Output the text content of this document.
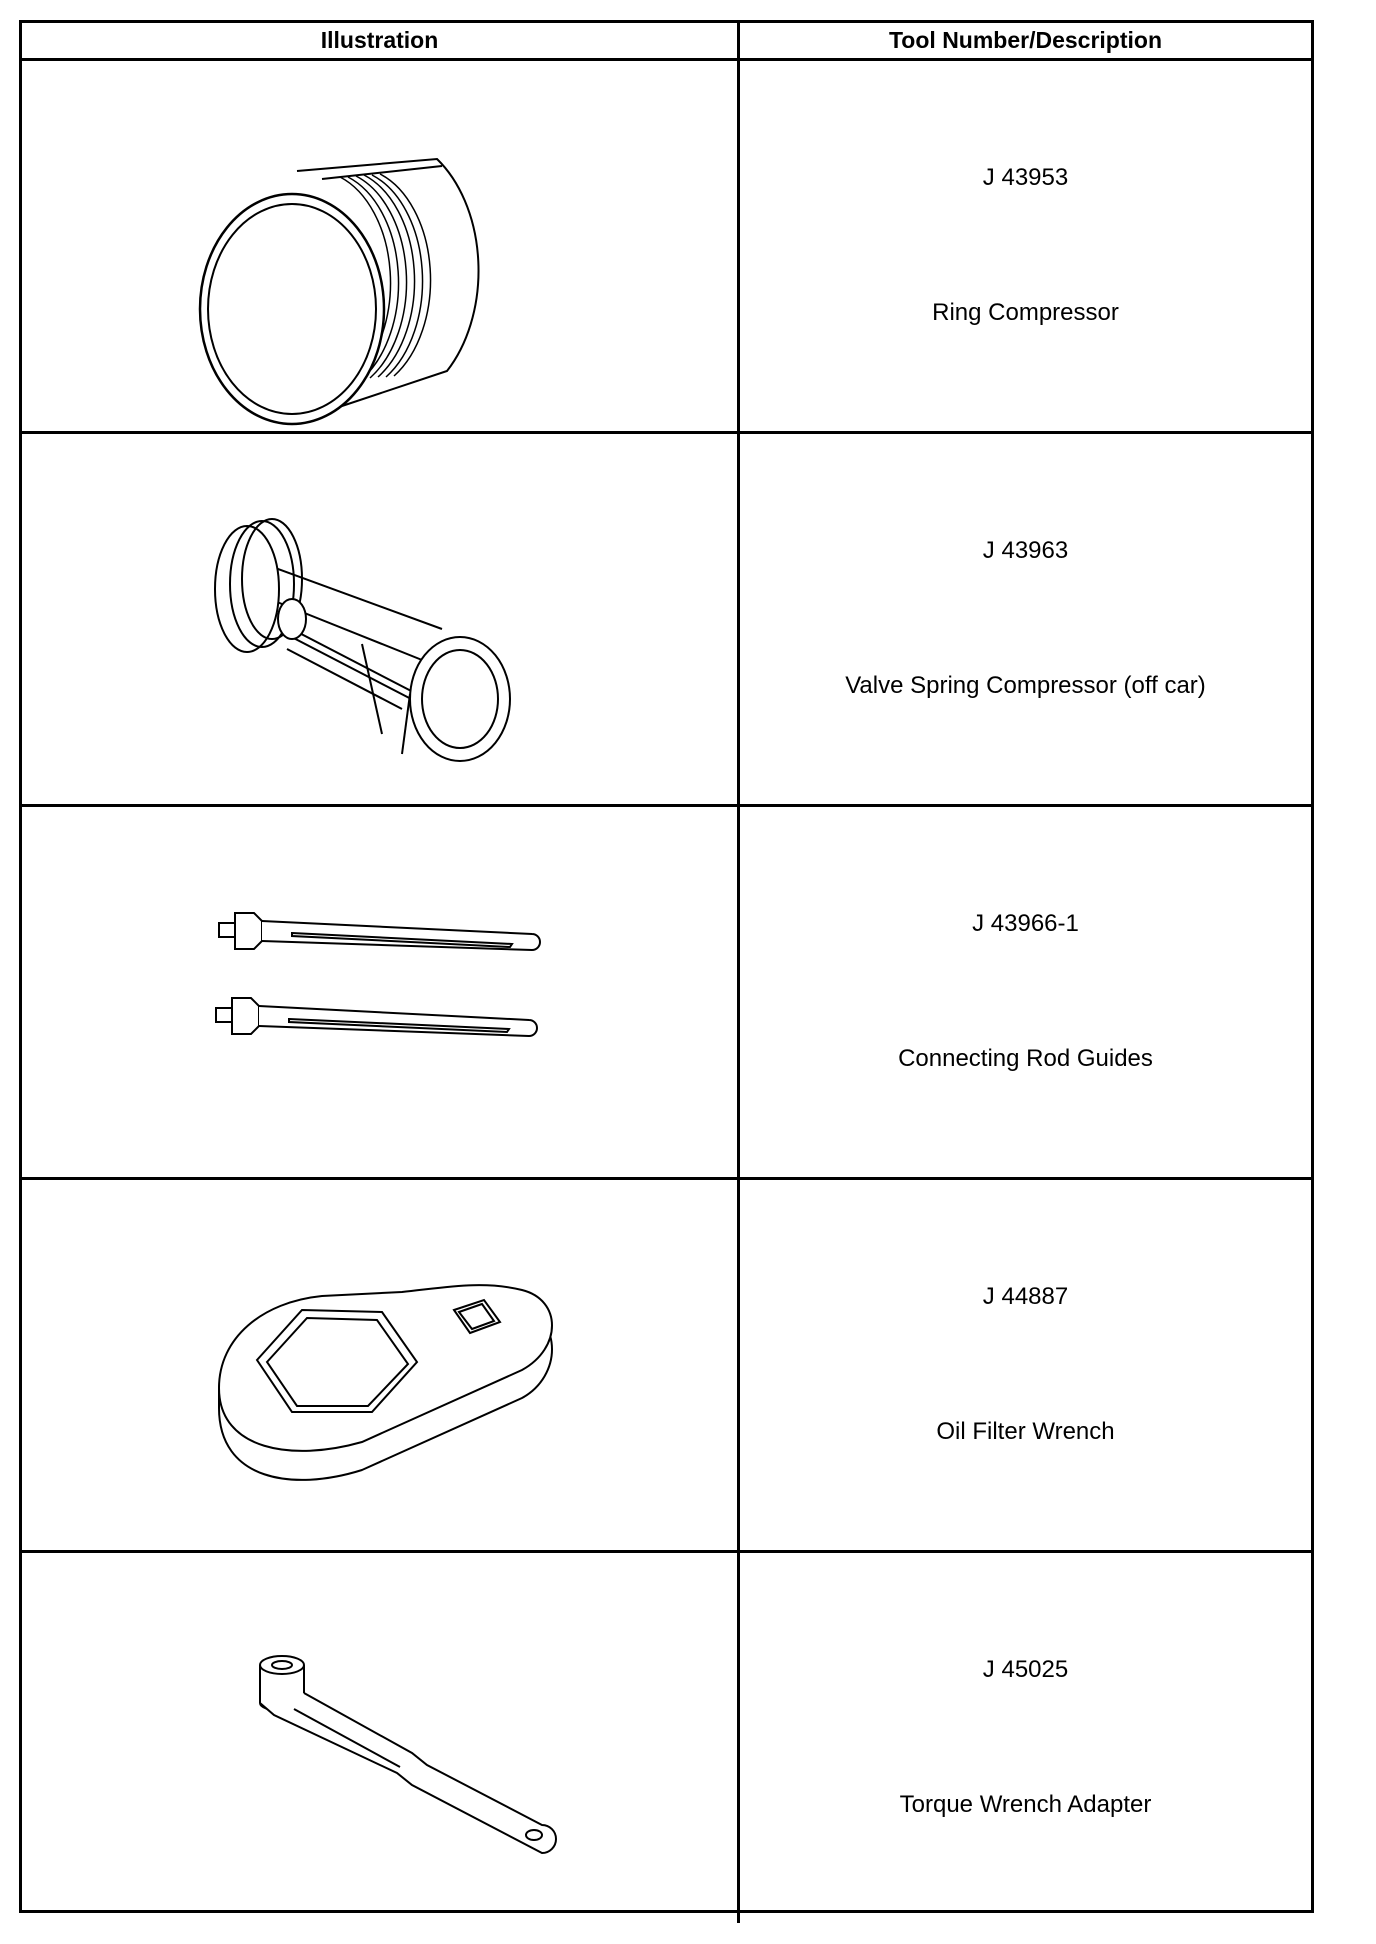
Illustration	Tool Number/Description
J 43953
Ring Compressor
J 43963
Valve Spring Compressor (off car)
J 43966-1
Connecting Rod Guides
J 44887
Oil Filter Wrench
J 45025
Torque Wrench Adapter
